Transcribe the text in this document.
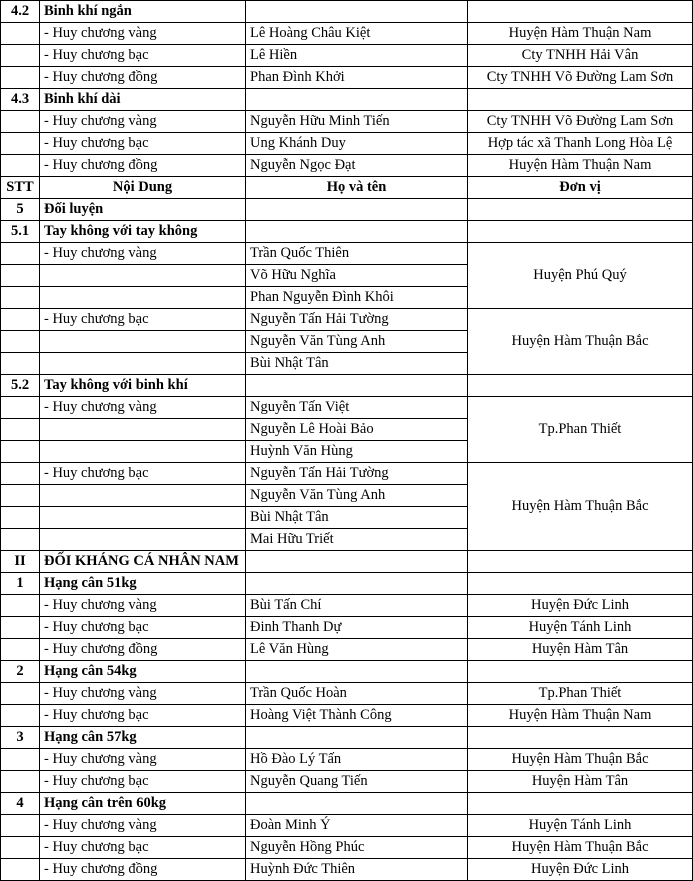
4.2	Binh khí ngắn		
	- Huy chương vàng	Lê Hoàng Châu Kiệt	Huyện Hàm Thuận Nam
	- Huy chương bạc	Lê Hiền	Cty TNHH Hải Vân
	- Huy chương đồng	Phan Đình Khởi	Cty TNHH Võ Đường Lam Sơn
4.3	Binh khí dài		
	- Huy chương vàng	Nguyễn Hữu Minh Tiến	Cty TNHH Võ Đường Lam Sơn
	- Huy chương bạc	Ung Khánh Duy	Hợp tác xã Thanh Long Hòa Lệ
	- Huy chương đồng	Nguyễn Ngọc Đạt	Huyện Hàm Thuận Nam
STT	Nội Dung	Họ và tên	Đơn vị
5	Đối luyện		
5.1	Tay không với tay không		
	- Huy chương vàng	Trần Quốc Thiên	Huyện Phú Quý
		Võ Hữu Nghĩa	
		Phan Nguyễn Đình Khôi	
	- Huy chương bạc	Nguyễn Tấn Hải Tường	Huyện Hàm Thuận Bắc
		Nguyễn Văn Tùng Anh	
		Bùi Nhật Tân	
5.2	Tay không với binh khí		
	- Huy chương vàng	Nguyễn Tấn Việt	Tp.Phan Thiết
		Nguyễn Lê Hoài Bảo	
		Huỳnh Văn Hùng	
	- Huy chương bạc	Nguyễn Tấn Hải Tường	Huyện Hàm Thuận Bắc
		Nguyễn Văn Tùng Anh	
		Bùi Nhật Tân	
		Mai Hữu Triết	
II	ĐỐI KHÁNG CÁ NHÂN NAM		
1	Hạng cân 51kg		
	- Huy chương vàng	Bùi Tấn Chí	Huyện Đức Linh
	- Huy chương bạc	Đinh Thanh Dự	Huyện Tánh Linh
	- Huy chương đồng	Lê Văn Hùng	Huyện Hàm Tân
2	Hạng cân 54kg		
	- Huy chương vàng	Trần Quốc Hoàn	Tp.Phan Thiết
	- Huy chương bạc	Hoàng Việt Thành Công	Huyện Hàm Thuận Nam
3	Hạng cân 57kg		
	- Huy chương vàng	Hồ Đào Lý Tấn	Huyện Hàm Thuận Bắc
	- Huy chương bạc	Nguyễn Quang Tiến	Huyện Hàm Tân
4	Hạng cân trên 60kg		
	- Huy chương vàng	Đoàn Minh Ý	Huyện Tánh Linh
	- Huy chương bạc	Nguyễn Hồng Phúc	Huyện Hàm Thuận Bắc
	- Huy chương đồng	Huỳnh Đức Thiên	Huyện Đức Linh
